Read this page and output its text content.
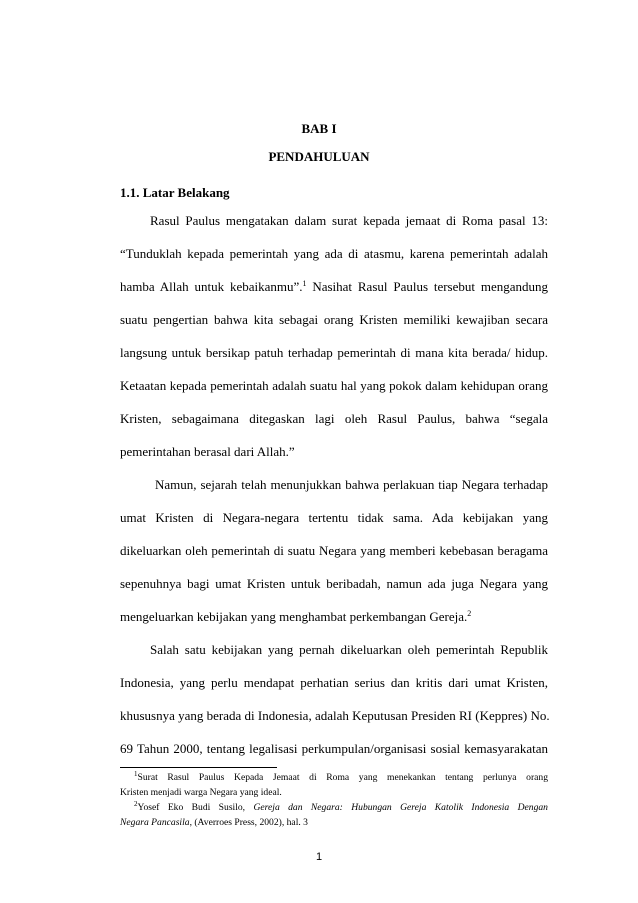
BAB I
PENDAHULUAN
1.1. Latar Belakang
Rasul Paulus mengatakan dalam surat kepada jemaat di Roma pasal 13:
“Tunduklah kepada pemerintah yang ada di atasmu, karena pemerintah adalah
hamba Allah untuk kebaikanmu”.$^1$ Nasihat Rasul Paulus tersebut mengandung
suatu pengertian bahwa kita sebagai orang Kristen memiliki kewajiban secara
langsung untuk bersikap patuh terhadap pemerintah di mana kita berada/ hidup.
Ketaatan kepada pemerintah adalah suatu hal yang pokok dalam kehidupan orang
Kristen, sebagaimana ditegaskan lagi oleh Rasul Paulus, bahwa “segala
pemerintahan berasal dari Allah.”
Namun, sejarah telah menunjukkan bahwa perlakuan tiap Negara terhadap
umat Kristen di Negara-negara tertentu tidak sama. Ada kebijakan yang
dikeluarkan oleh pemerintah di suatu Negara yang memberi kebebasan beragama
sepenuhnya bagi umat Kristen untuk beribadah, namun ada juga Negara yang
mengeluarkan kebijakan yang menghambat perkembangan Gereja.$^2$
Salah satu kebijakan yang pernah dikeluarkan oleh pemerintah Republik
Indonesia, yang perlu mendapat perhatian serius dan kritis dari umat Kristen,
khususnya yang berada di Indonesia, adalah Keputusan Presiden RI (Keppres) No.
69 Tahun 2000, tentang legalisasi perkumpulan/organisasi sosial kemasyarakatan
$^1$Surat Rasul Paulus Kepada Jemaat di Roma yang menekankan tentang perlunya orang
Kristen menjadi warga Negara yang ideal.
$^2$Yosef Eko Budi Susilo, Gereja dan Negara: Hubungan Gereja Katolik Indonesia Dengan
Negara Pancasila, (Averroes Press, 2002), hal. 3
1
